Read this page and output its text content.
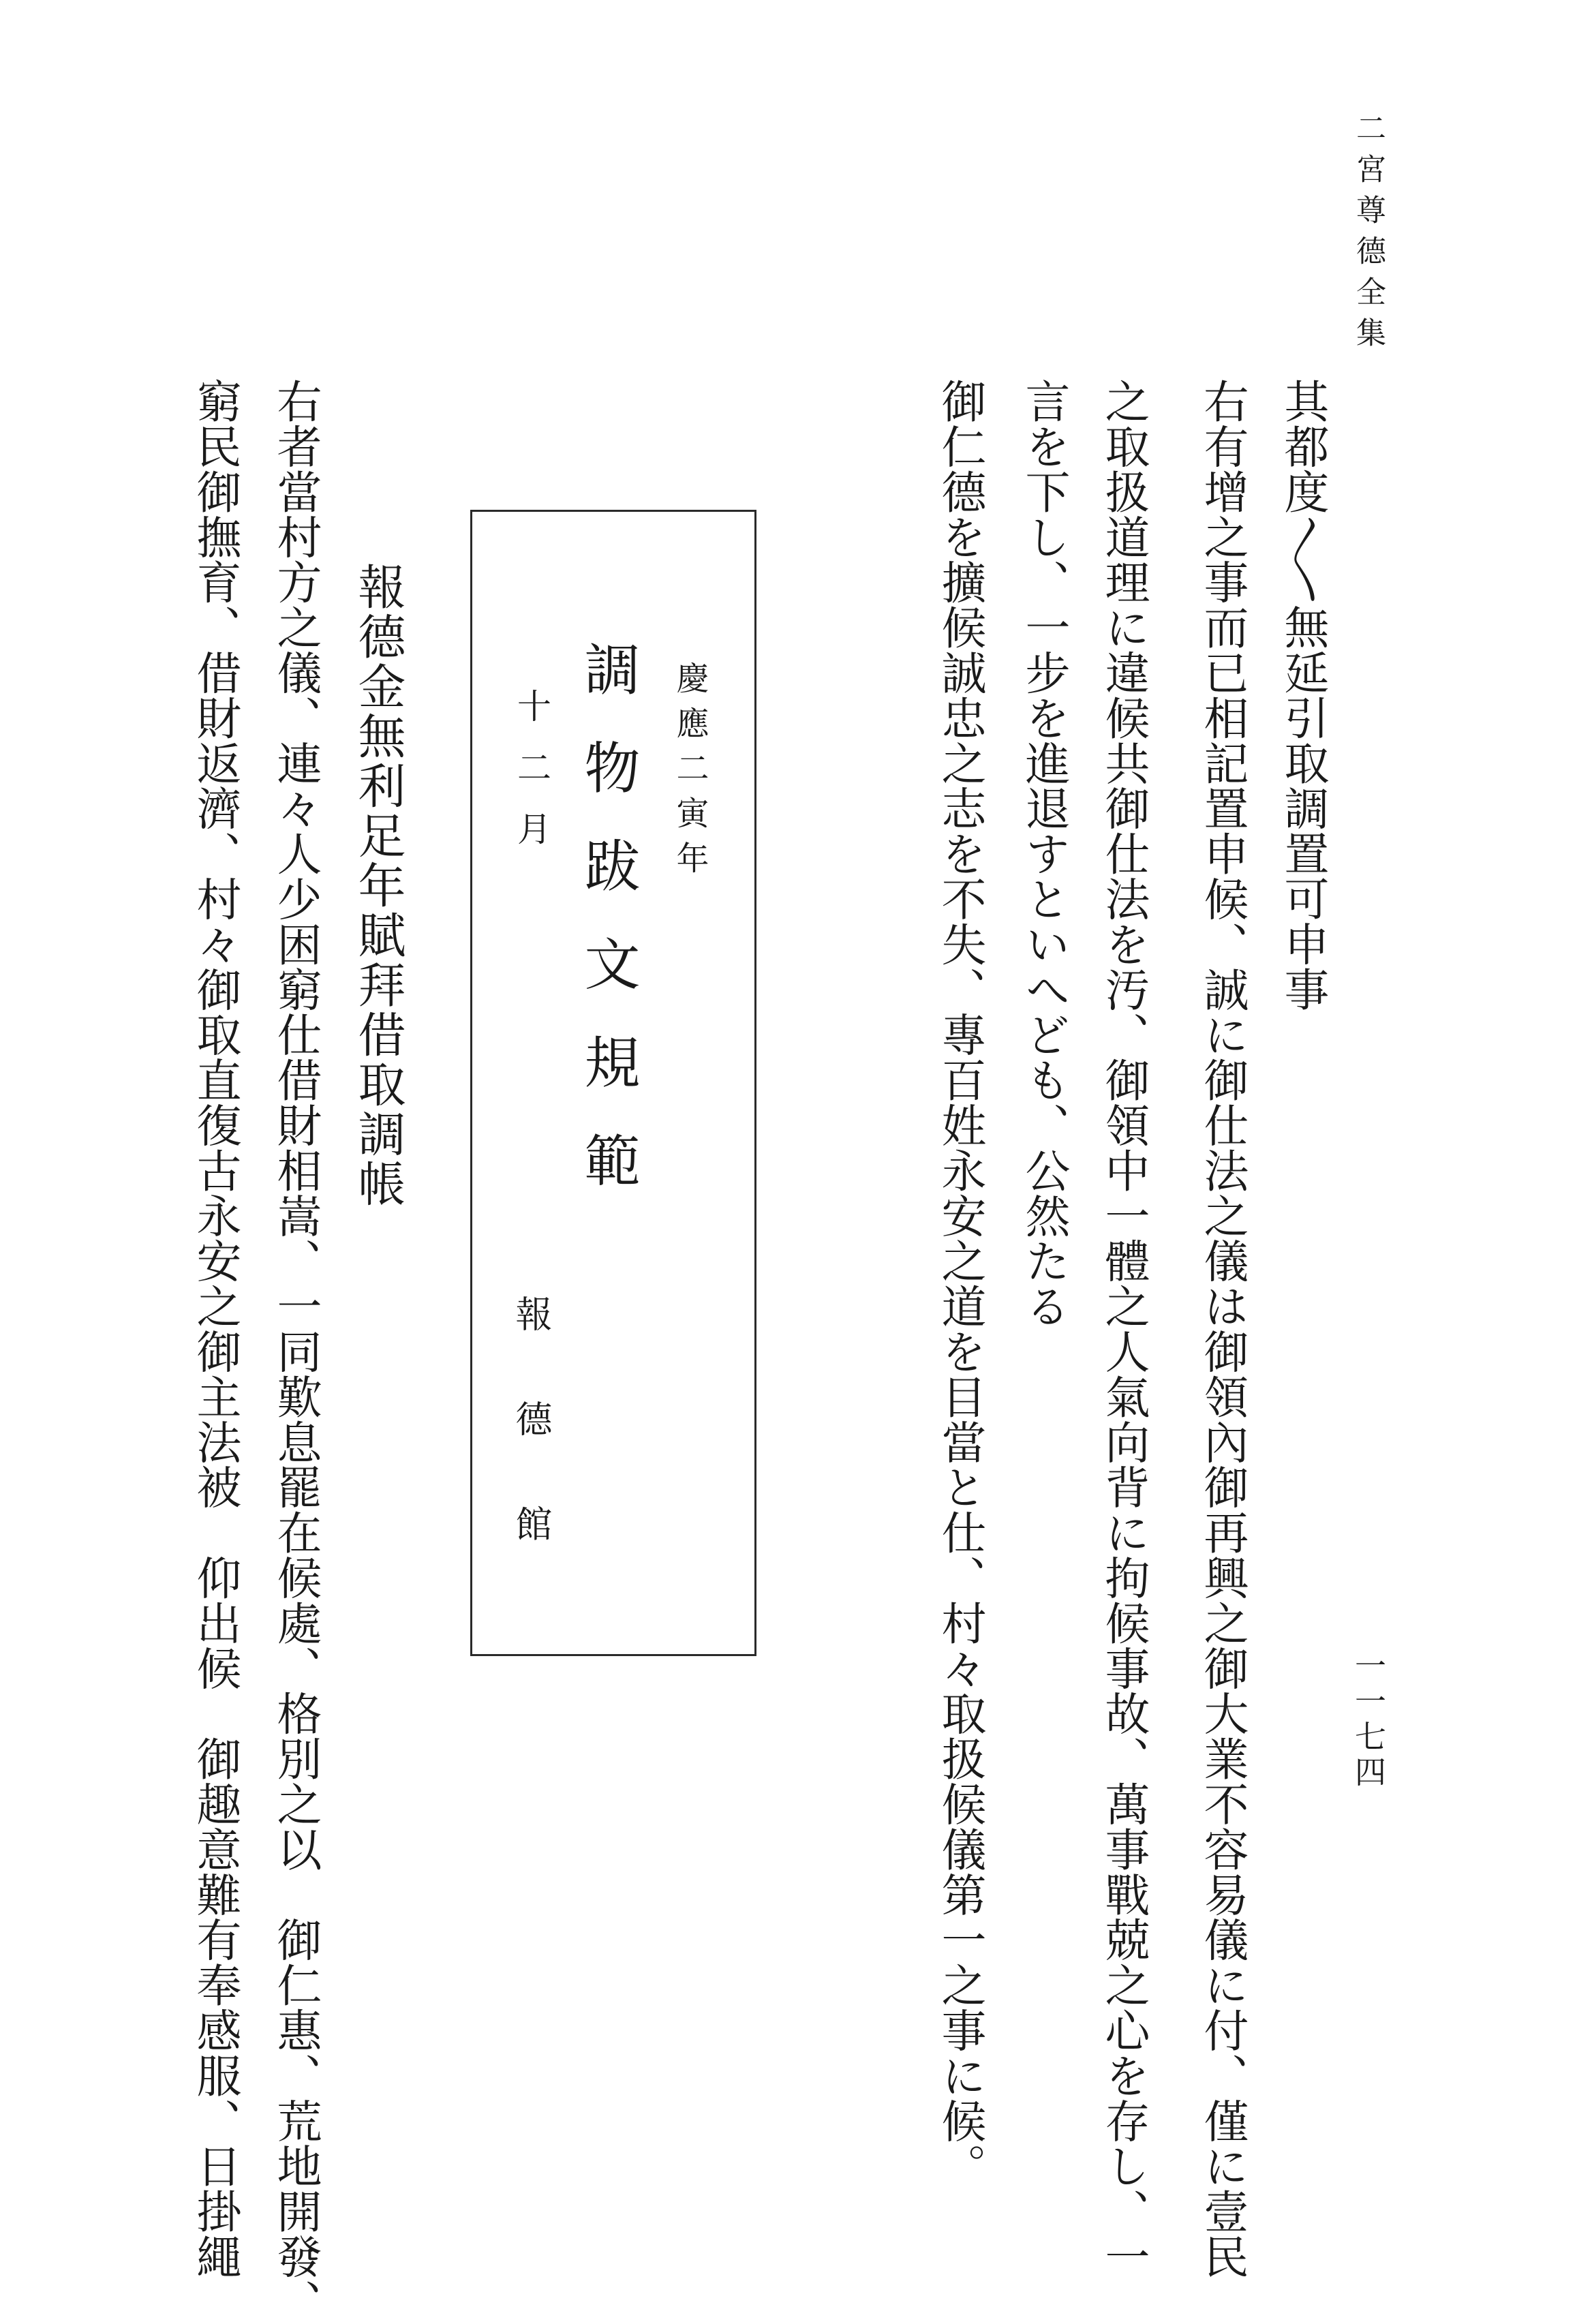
二宮尊德全集
一一七四
其都度〳〵無延引取調置可申事
右有增之事而已相記置申候、誠に御仕法之儀は御領內御再興之御大業不容易儀に付、僅に壹民
之取扱道理に違候共御仕法を汚、御領中一體之人氣向背に拘候事故、萬事戰兢之心を存し、一
言を下し、一步を進退すといへども、公然たる
御仁德を擴候誠忠之志を不失、專百姓永安之道を目當と仕、村々取扱候儀第一之事に候。
慶應二寅年
調物跋文規範
十二月
報德館
報德金無利足年賦拜借取調帳
右者當村方之儀、連々人少困窮仕借財相嵩、一同歎息罷在候處、格別之以　御仁惠、荒地開發、
窮民御撫育、借財返濟、村々御取直復古永安之御主法被　仰出候　御趣意難有奉感服、日掛繩
